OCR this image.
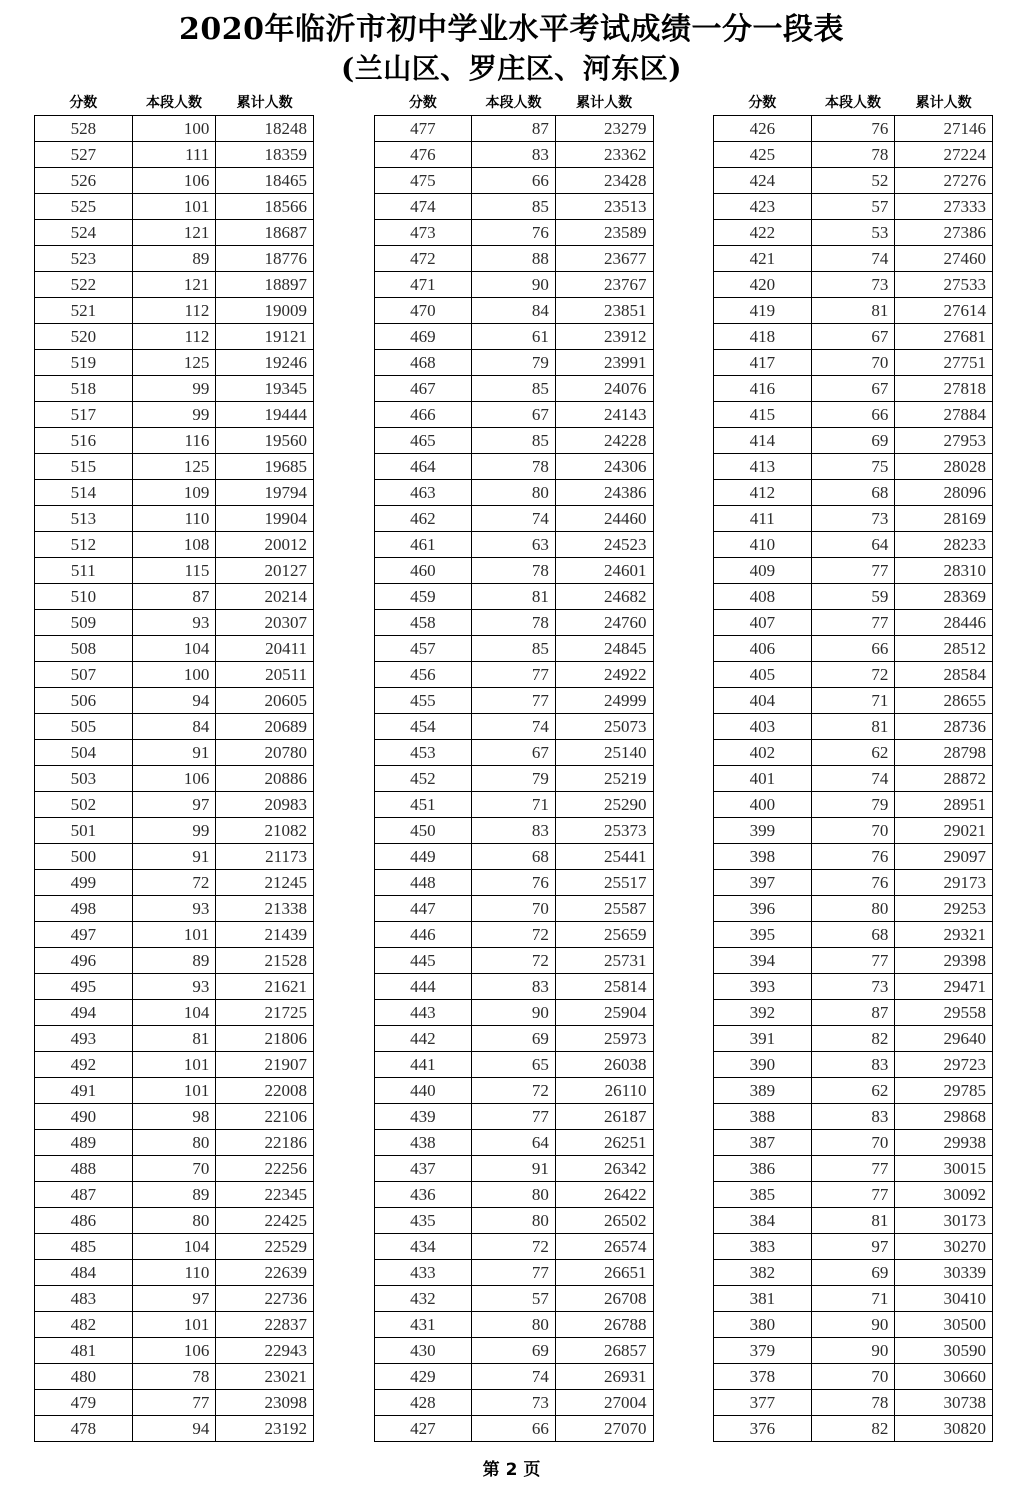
2020年临沂市初中学业水平考试成绩一分一段表
(兰山区、罗庄区、河东区)
分数	本段人数	累计人数
528	100	18248
527	111	18359
526	106	18465
525	101	18566
524	121	18687
523	89	18776
522	121	18897
521	112	19009
520	112	19121
519	125	19246
518	99	19345
517	99	19444
516	116	19560
515	125	19685
514	109	19794
513	110	19904
512	108	20012
511	115	20127
510	87	20214
509	93	20307
508	104	20411
507	100	20511
506	94	20605
505	84	20689
504	91	20780
503	106	20886
502	97	20983
501	99	21082
500	91	21173
499	72	21245
498	93	21338
497	101	21439
496	89	21528
495	93	21621
494	104	21725
493	81	21806
492	101	21907
491	101	22008
490	98	22106
489	80	22186
488	70	22256
487	89	22345
486	80	22425
485	104	22529
484	110	22639
483	97	22736
482	101	22837
481	106	22943
480	78	23021
479	77	23098
478	94	23192
分数	本段人数	累计人数
477	87	23279
476	83	23362
475	66	23428
474	85	23513
473	76	23589
472	88	23677
471	90	23767
470	84	23851
469	61	23912
468	79	23991
467	85	24076
466	67	24143
465	85	24228
464	78	24306
463	80	24386
462	74	24460
461	63	24523
460	78	24601
459	81	24682
458	78	24760
457	85	24845
456	77	24922
455	77	24999
454	74	25073
453	67	25140
452	79	25219
451	71	25290
450	83	25373
449	68	25441
448	76	25517
447	70	25587
446	72	25659
445	72	25731
444	83	25814
443	90	25904
442	69	25973
441	65	26038
440	72	26110
439	77	26187
438	64	26251
437	91	26342
436	80	26422
435	80	26502
434	72	26574
433	77	26651
432	57	26708
431	80	26788
430	69	26857
429	74	26931
428	73	27004
427	66	27070
分数	本段人数	累计人数
426	76	27146
425	78	27224
424	52	27276
423	57	27333
422	53	27386
421	74	27460
420	73	27533
419	81	27614
418	67	27681
417	70	27751
416	67	27818
415	66	27884
414	69	27953
413	75	28028
412	68	28096
411	73	28169
410	64	28233
409	77	28310
408	59	28369
407	77	28446
406	66	28512
405	72	28584
404	71	28655
403	81	28736
402	62	28798
401	74	28872
400	79	28951
399	70	29021
398	76	29097
397	76	29173
396	80	29253
395	68	29321
394	77	29398
393	73	29471
392	87	29558
391	82	29640
390	83	29723
389	62	29785
388	83	29868
387	70	29938
386	77	30015
385	77	30092
384	81	30173
383	97	30270
382	69	30339
381	71	30410
380	90	30500
379	90	30590
378	70	30660
377	78	30738
376	82	30820
第 2 页
